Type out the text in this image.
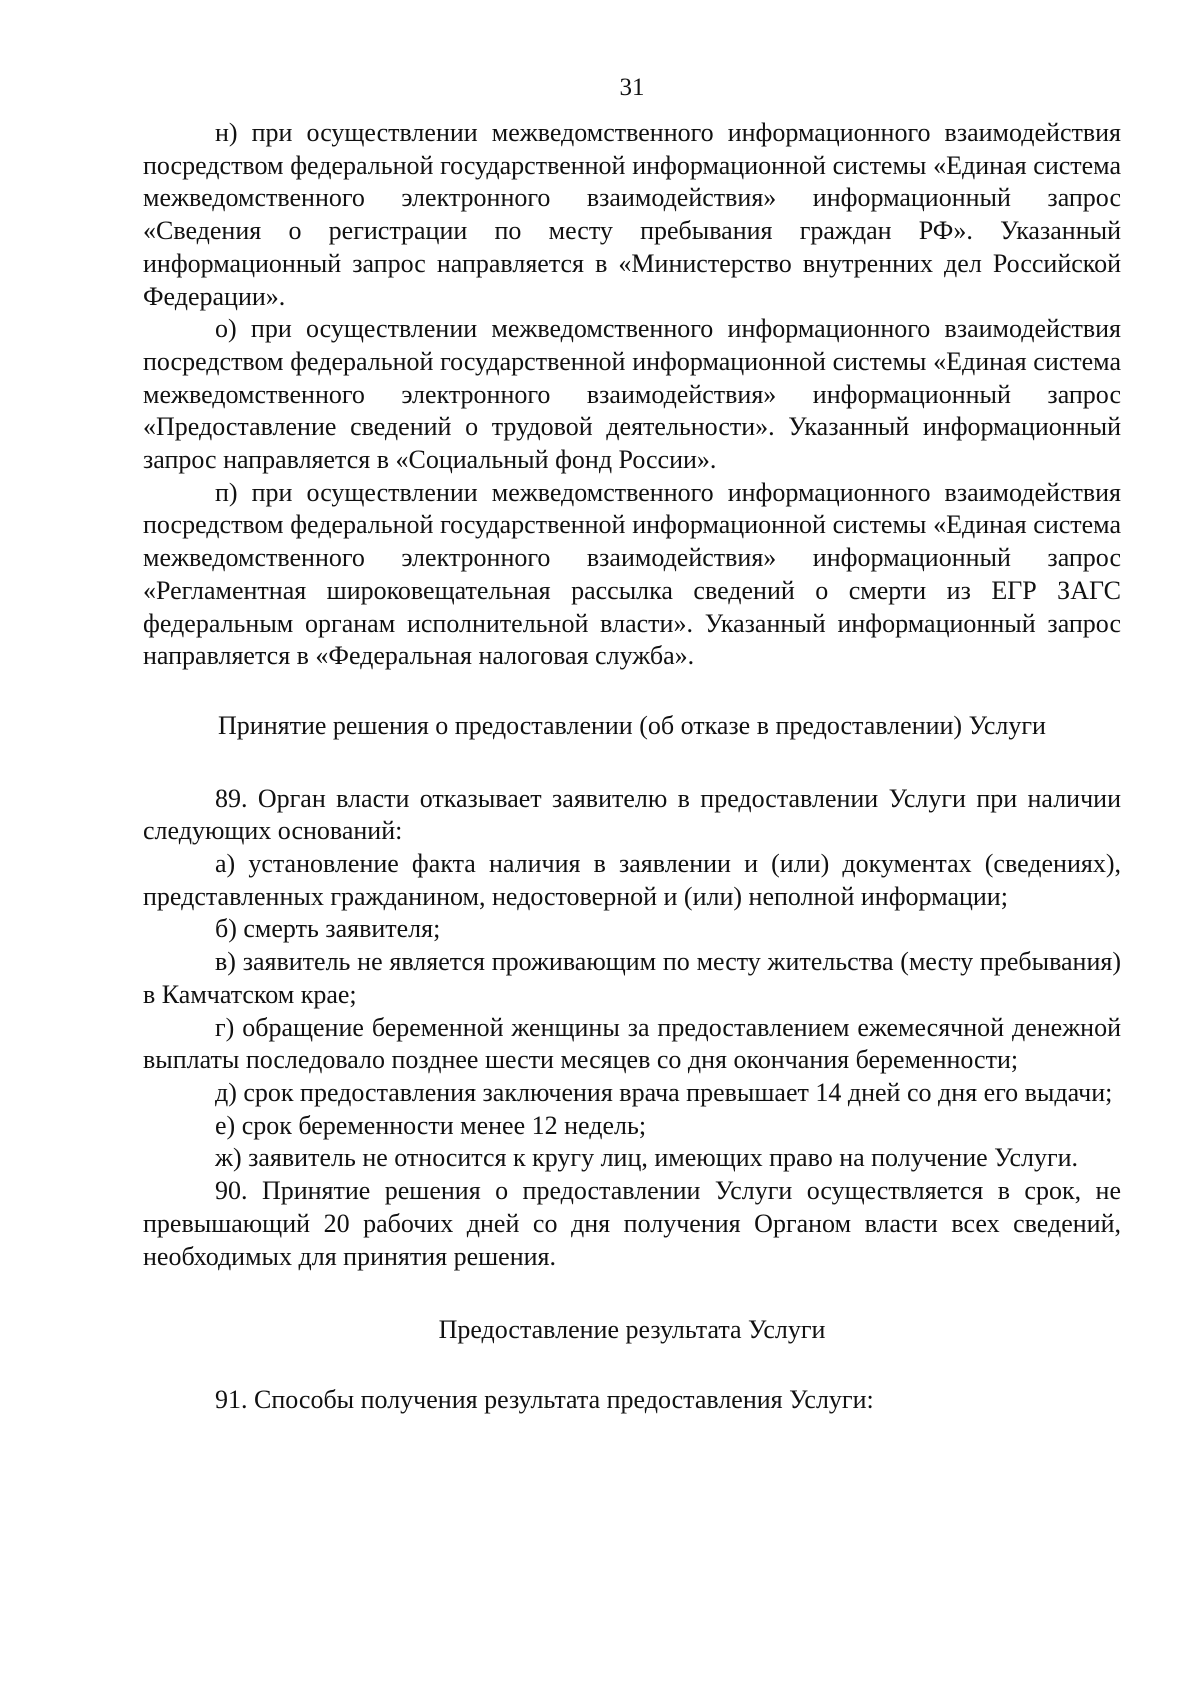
31

н) при осуществлении межведомственного информационного взаимодействия посредством федеральной государственной информационной системы «Единая система межведомственного электронного взаимодействия» информационный запрос «Сведения о регистрации по месту пребывания граждан РФ». Указанный информационный запрос направляется в «Министерство внутренних дел Российской Федерации».

о) при осуществлении межведомственного информационного взаимодействия посредством федеральной государственной информационной системы «Единая система межведомственного электронного взаимодействия» информационный запрос «Предоставление сведений о трудовой деятельности». Указанный информационный запрос направляется в «Социальный фонд России».

п) при осуществлении межведомственного информационного взаимодействия посредством федеральной государственной информационной системы «Единая система межведомственного электронного взаимодействия» информационный запрос «Регламентная широковещательная рассылка сведений о смерти из ЕГР ЗАГС федеральным органам исполнительной власти». Указанный информационный запрос направляется в «Федеральная налоговая служба».

Принятие решения о предоставлении (об отказе в предоставлении) Услуги

89. Орган власти отказывает заявителю в предоставлении Услуги при наличии следующих оснований:

а) установление факта наличия в заявлении и (или) документах (сведениях), представленных гражданином, недостоверной и (или) неполной информации;

б) смерть заявителя;

в) заявитель не является проживающим по месту жительства (месту пребывания) в Камчатском крае;

г) обращение беременной женщины за предоставлением ежемесячной денежной выплаты последовало позднее шести месяцев со дня окончания беременности;

д) срок предоставления заключения врача превышает 14 дней со дня его выдачи;

е) срок беременности менее 12 недель;

ж) заявитель не относится к кругу лиц, имеющих право на получение Услуги.

90. Принятие решения о предоставлении Услуги осуществляется в срок, не превышающий 20 рабочих дней со дня получения Органом власти всех сведений, необходимых для принятия решения.

Предоставление результата Услуги

91. Способы получения результата предоставления Услуги:
